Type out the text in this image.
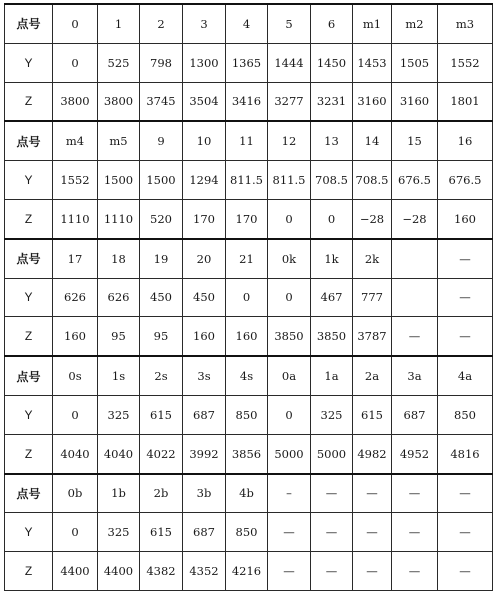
点号	0	1	2	3	4	5	6	m1	m2	m3
Y	0	525	798	1300	1365	1444	1450	1453	1505	1552
Z	3800	3800	3745	3504	3416	3277	3231	3160	3160	1801
点号	m4	m5	9	10	11	12	13	14	15	16
Y	1552	1500	1500	1294	811.5	811.5	708.5	708.5	676.5	676.5
Z	1110	1110	520	170	170	0	0	−28	−28	160
点号	17	18	19	20	21	0k	1k	2k		—
Y	626	626	450	450	0	0	467	777		—
Z	160	95	95	160	160	3850	3850	3787	—	—
点号	0s	1s	2s	3s	4s	0a	1a	2a	3a	4a
Y	0	325	615	687	850	0	325	615	687	850
Z	4040	4040	4022	3992	3856	5000	5000	4982	4952	4816
点号	0b	1b	2b	3b	4b	–	—	—	—	—
Y	0	325	615	687	850	—	—	—	—	—
Z	4400	4400	4382	4352	4216	—	—	—	—	—
